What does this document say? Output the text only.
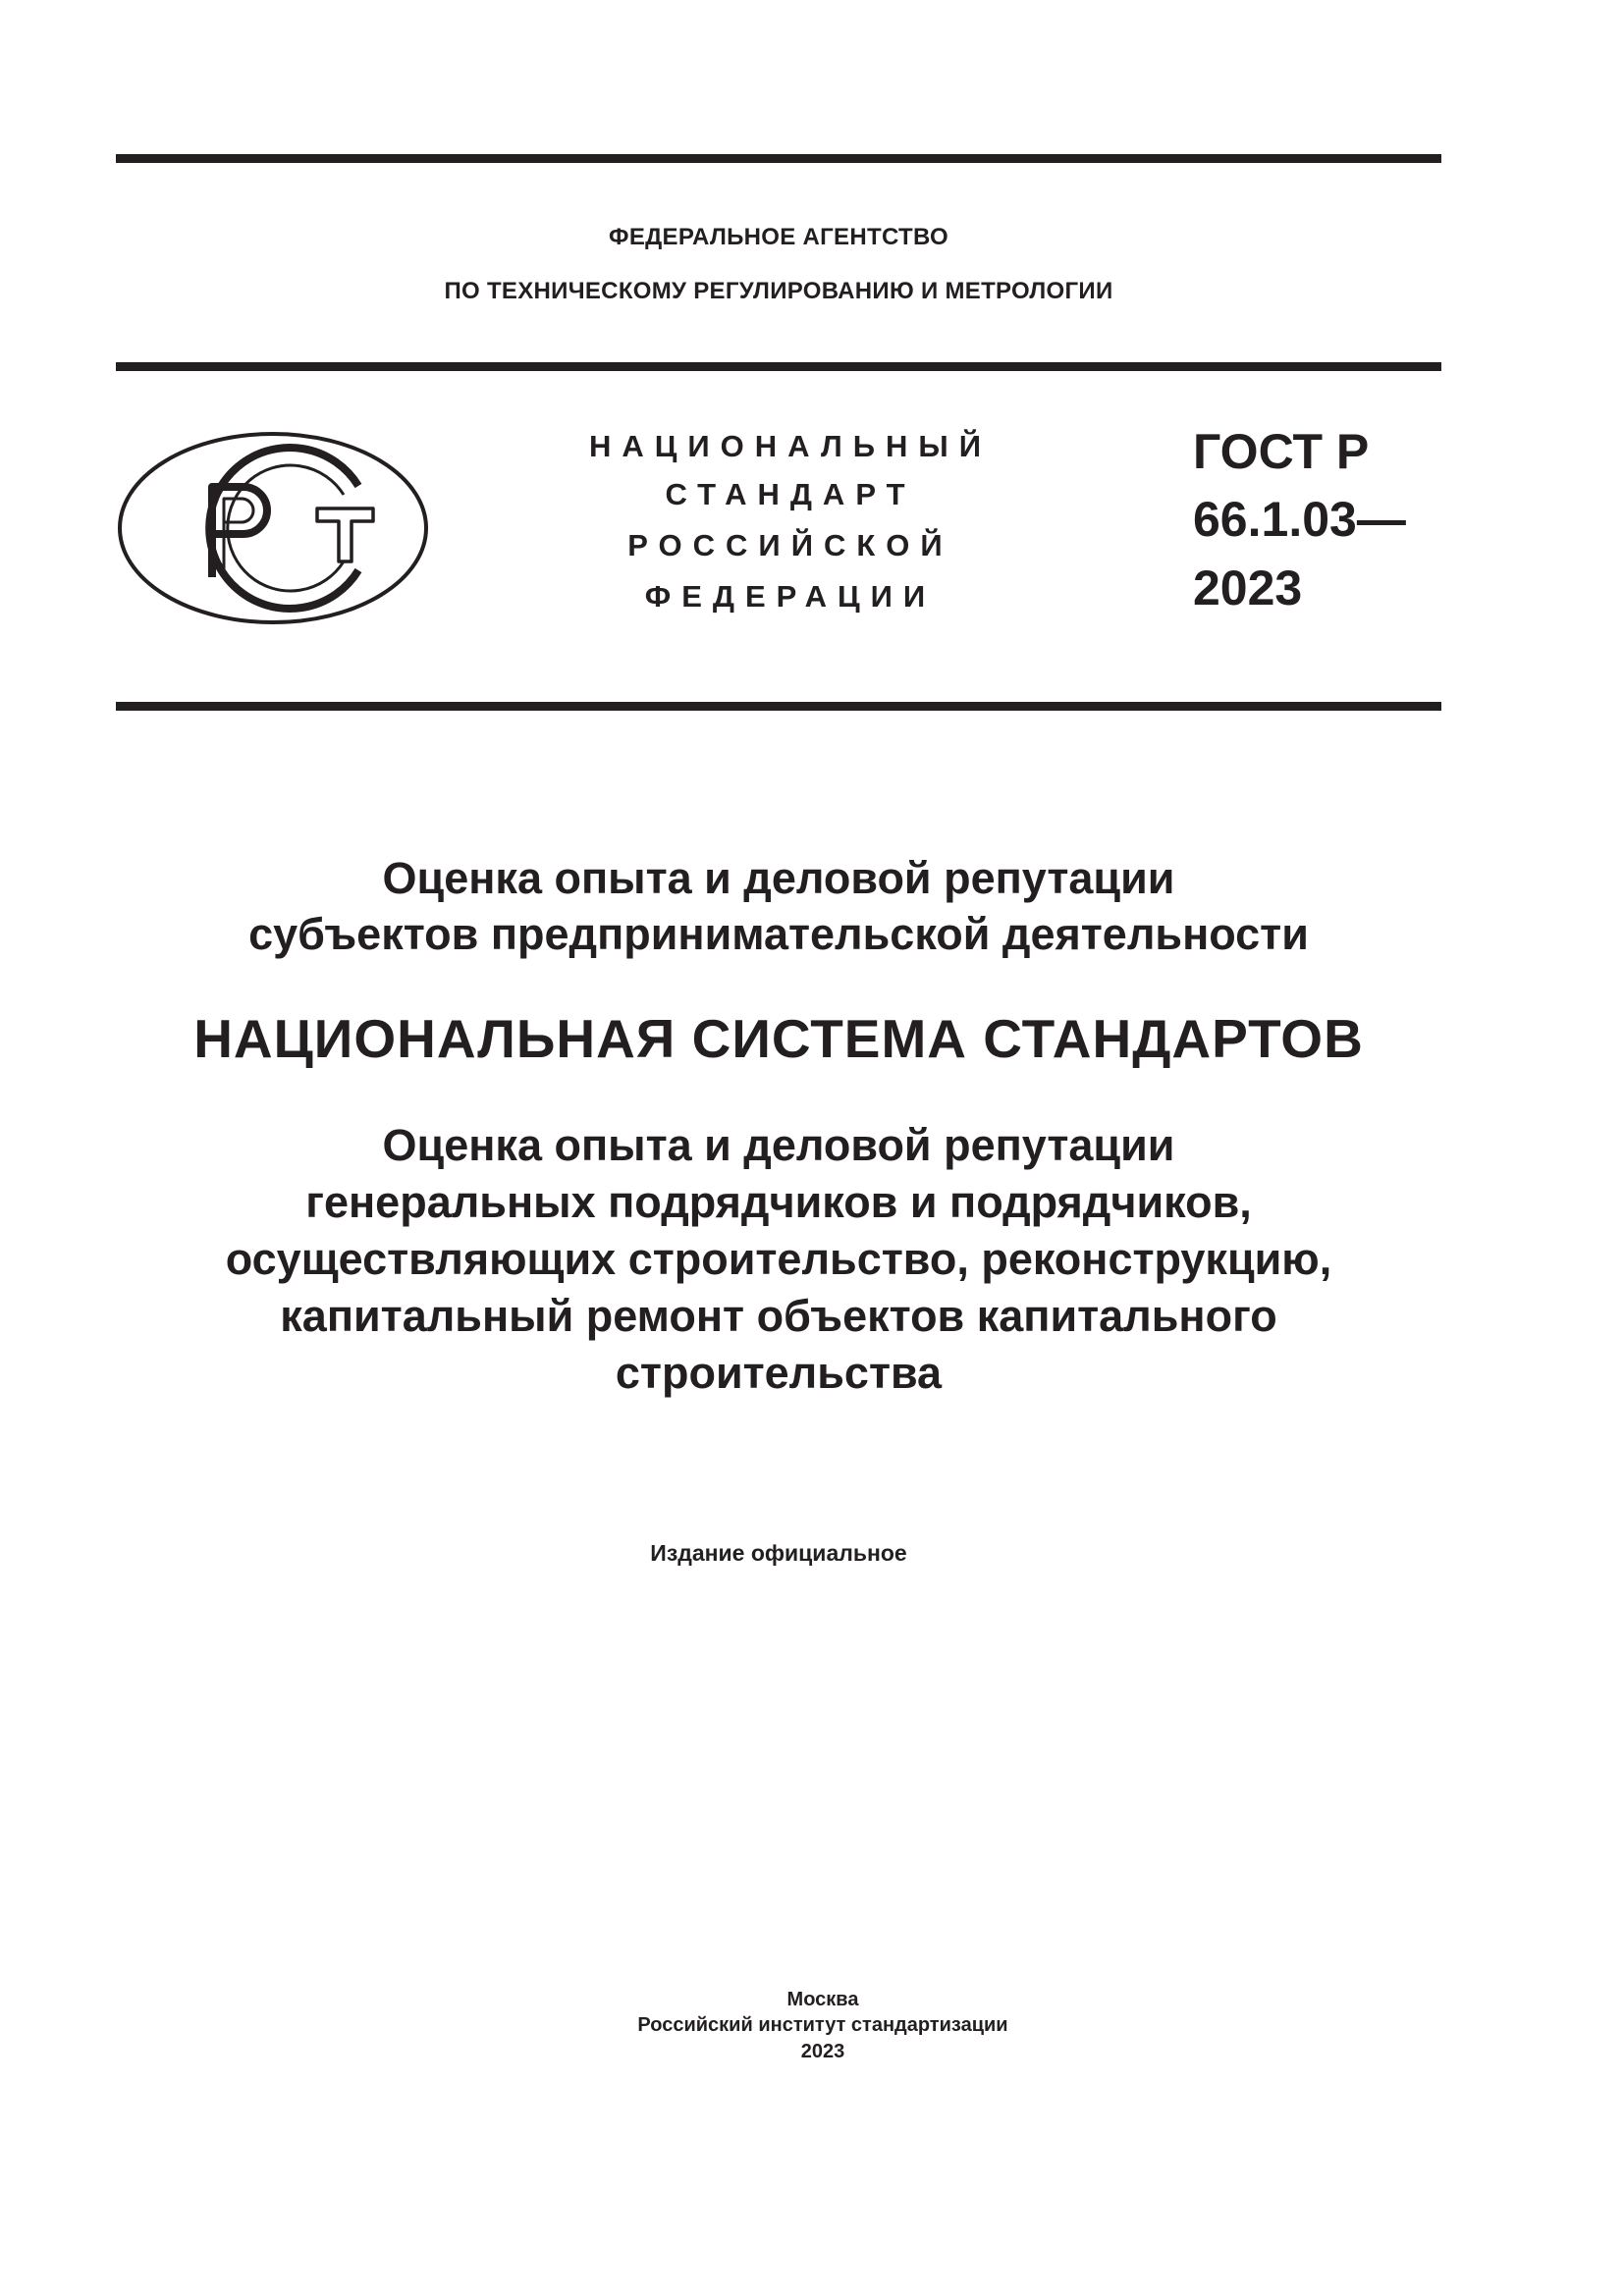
ФЕДЕРАЛЬНОЕ АГЕНТСТВО
ПО ТЕХНИЧЕСКОМУ РЕГУЛИРОВАНИЮ И МЕТРОЛОГИИ
НАЦИОНАЛЬНЫЙ
СТАНДАРТ
РОССИЙСКОЙ
ФЕДЕРАЦИИ
ГОСТ Р
66.1.03—
2023
Оценка опыта и деловой репутации
субъектов предпринимательской деятельности
НАЦИОНАЛЬНАЯ СИСТЕМА СТАНДАРТОВ
Оценка опыта и деловой репутации
генеральных подрядчиков и подрядчиков,
осуществляющих строительство, реконструкцию,
капитальный ремонт объектов капитального
строительства
Издание официальное
Москва
Российский институт стандартизации
2023
